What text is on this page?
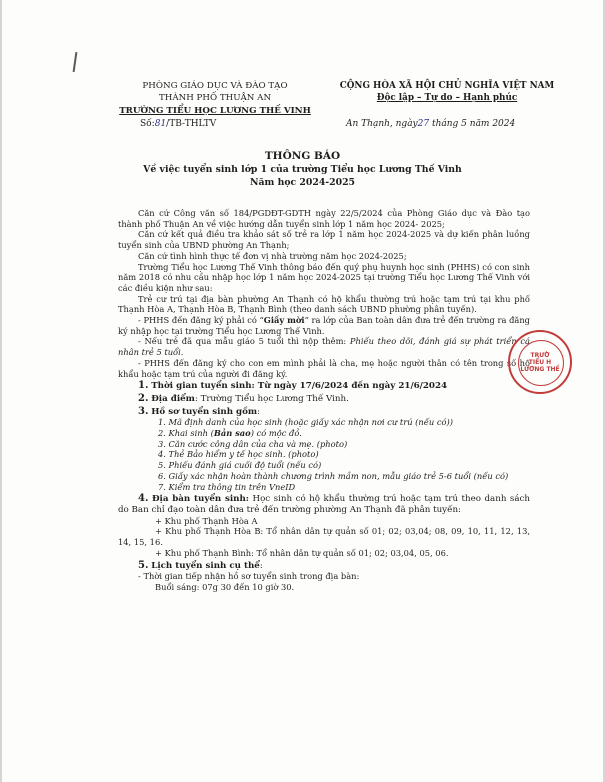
PHÒNG GIÁO DỤC VÀ ĐÀO TẠO
THÀNH PHỐ THUẬN AN
TRƯỜNG TIỂU HỌC LƯƠNG THẾ VINH
CỘNG HÒA XÃ HỘI CHỦ NGHĨA VIỆT NAM
Độc lập – Tự do – Hạnh phúc
Số:81/TB-THLTV	An Thạnh, ngày27 tháng 5 năm 2024
THÔNG BÁO
Về việc tuyển sinh lớp 1 của trường Tiểu học Lương Thế Vinh
Năm học 2024-2025

Căn cứ Công văn số 184/PGDĐT-GDTH ngày 22/5/2024 của Phòng Giáo dục và Đào tạo thành phố Thuận An về việc hướng dẫn tuyển sinh lớp 1 năm học 2024- 2025;

Căn cứ kết quả điều tra khảo sát số trẻ ra lớp 1 năm học 2024-2025 và dự kiến phân luồng tuyển sinh của UBND phường An Thạnh;

Căn cứ tình hình thực tế đơn vị nhà trường năm học 2024-2025;

Trường Tiểu học Lương Thế Vinh thông báo đến quý phụ huynh học sinh (PHHS) có con sinh năm 2018 có nhu cầu nhập học lớp 1 năm học 2024-2025 tại trường Tiểu học Lương Thế Vinh với các điều kiện như sau:

Trẻ cư trú tại địa bàn phường An Thạnh có hộ khẩu thường trú hoặc tạm trú tại khu phố Thạnh Hòa A, Thạnh Hòa B, Thạnh Bình (theo danh sách UBND phường phân tuyến).

- PHHS đến đăng ký phải có “Giấy mời” ra lớp của Ban toàn dân đưa trẻ đến trường ra đăng ký nhập học tại trường Tiểu học Lương Thế Vinh.

- Nếu trẻ đã qua mẫu giáo 5 tuổi thì nộp thêm: Phiếu theo dõi, đánh giá sự phát triển cá nhân trẻ 5 tuổi.

- PHHS đến đăng ký cho con em mình phải là cha, mẹ hoặc người thân có tên trong số hộ khẩu hoặc tạm trú của người đi đăng ký.

1. Thời gian tuyển sinh: Từ ngày 17/6/2024 đến ngày 21/6/2024

2. Địa điểm: Trường Tiểu học Lương Thế Vinh.

3. Hồ sơ tuyển sinh gồm:

1. Mã định danh của học sinh (hoặc giấy xác nhận nơi cư trú (nếu có))
2. Khai sinh (Bản sao) có mộc đỏ.
3. Căn cước công dân của cha và mẹ. (photo)
4. Thẻ Bảo hiểm y tế học sinh. (photo)
5. Phiếu đánh giá cuối độ tuổi (nếu có)
6. Giấy xác nhận hoàn thành chương trình mầm non, mẫu giáo trẻ 5-6 tuổi (nếu có)
7. Kiểm tra thông tin trên VneID

4. Địa bàn tuyển sinh: Học sinh có hộ khẩu thường trú hoặc tạm trú theo danh sách do Ban chỉ đạo toàn dân đưa trẻ đến trường phường An Thạnh đã phân tuyến:

+ Khu phố Thạnh Hòa A

+ Khu phố Thạnh Hòa B: Tổ nhân dân tự quản số 01; 02; 03,04; 08, 09, 10, 11, 12, 13, 14, 15, 16.

+ Khu phố Thạnh Bình: Tổ nhân dân tự quản số 01; 02; 03,04, 05, 06.

5. Lịch tuyển sinh cụ thể:

- Thời gian tiếp nhận hồ sơ tuyển sinh trong địa bàn:

Buổi sáng: 07g 30 đến 10 giờ 30.

TRƯỜ
TIỂU H
LƯƠNG THẾ
